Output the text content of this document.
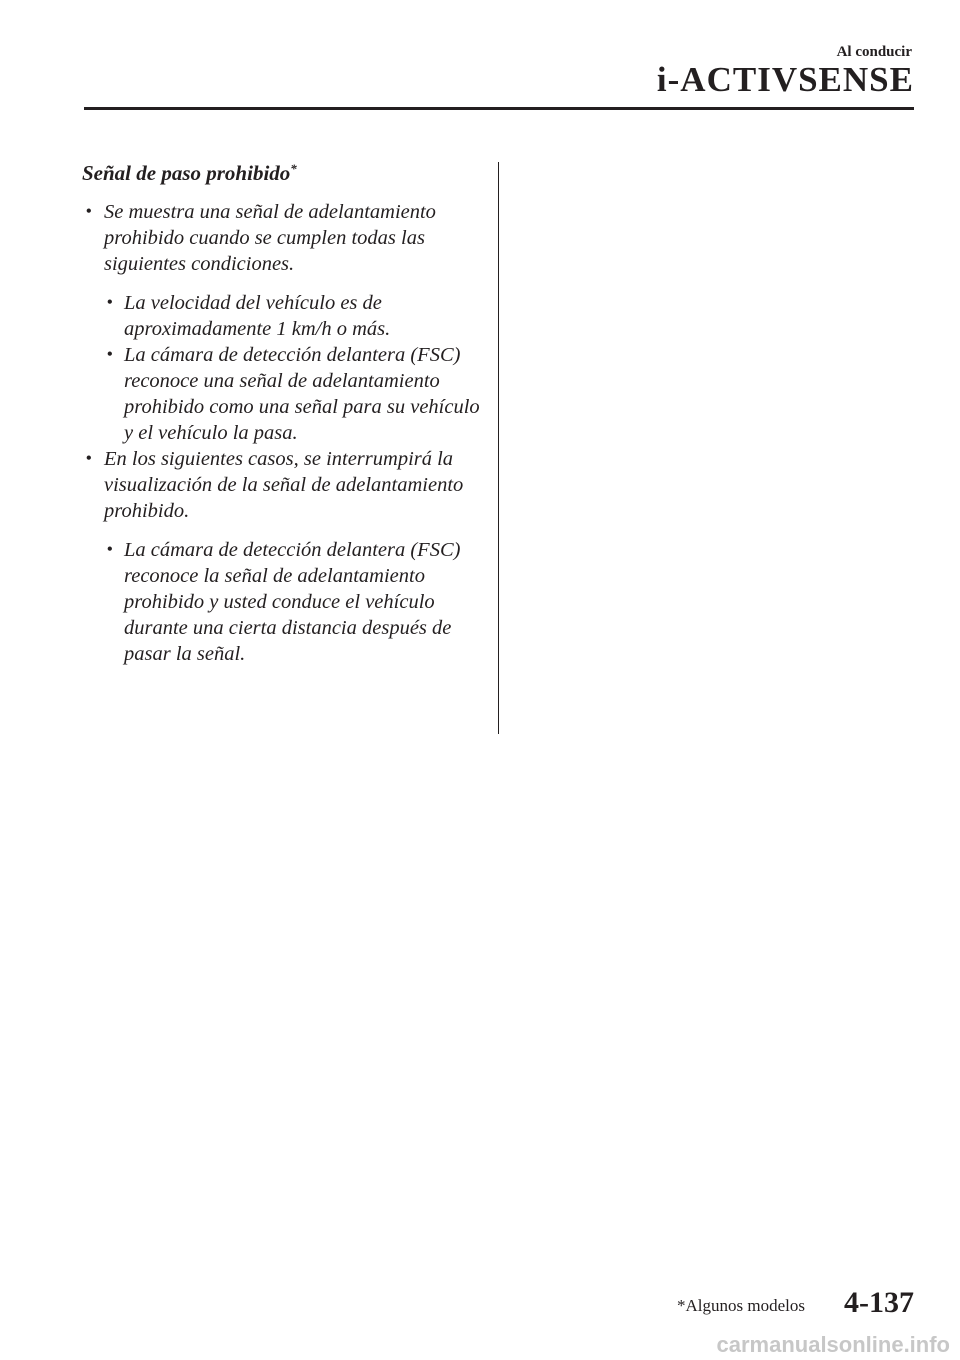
Al conducir
i-ACTIVSENSE
Señal de paso prohibido*
• Se muestra una señal de adelantamiento prohibido cuando se cumplen todas las siguientes condiciones.
• La velocidad del vehículo es de aproximadamente 1 km/h o más.
• La cámara de detección delantera (FSC) reconoce una señal de adelantamiento prohibido como una señal para su vehículo y el vehículo la pasa.
• En los siguientes casos, se interrumpirá la visualización de la señal de adelantamiento prohibido.
• La cámara de detección delantera (FSC) reconoce la señal de adelantamiento prohibido y usted conduce el vehículo durante una cierta distancia después de pasar la señal.
*Algunos modelos 4-137
carmanualsonline.info
